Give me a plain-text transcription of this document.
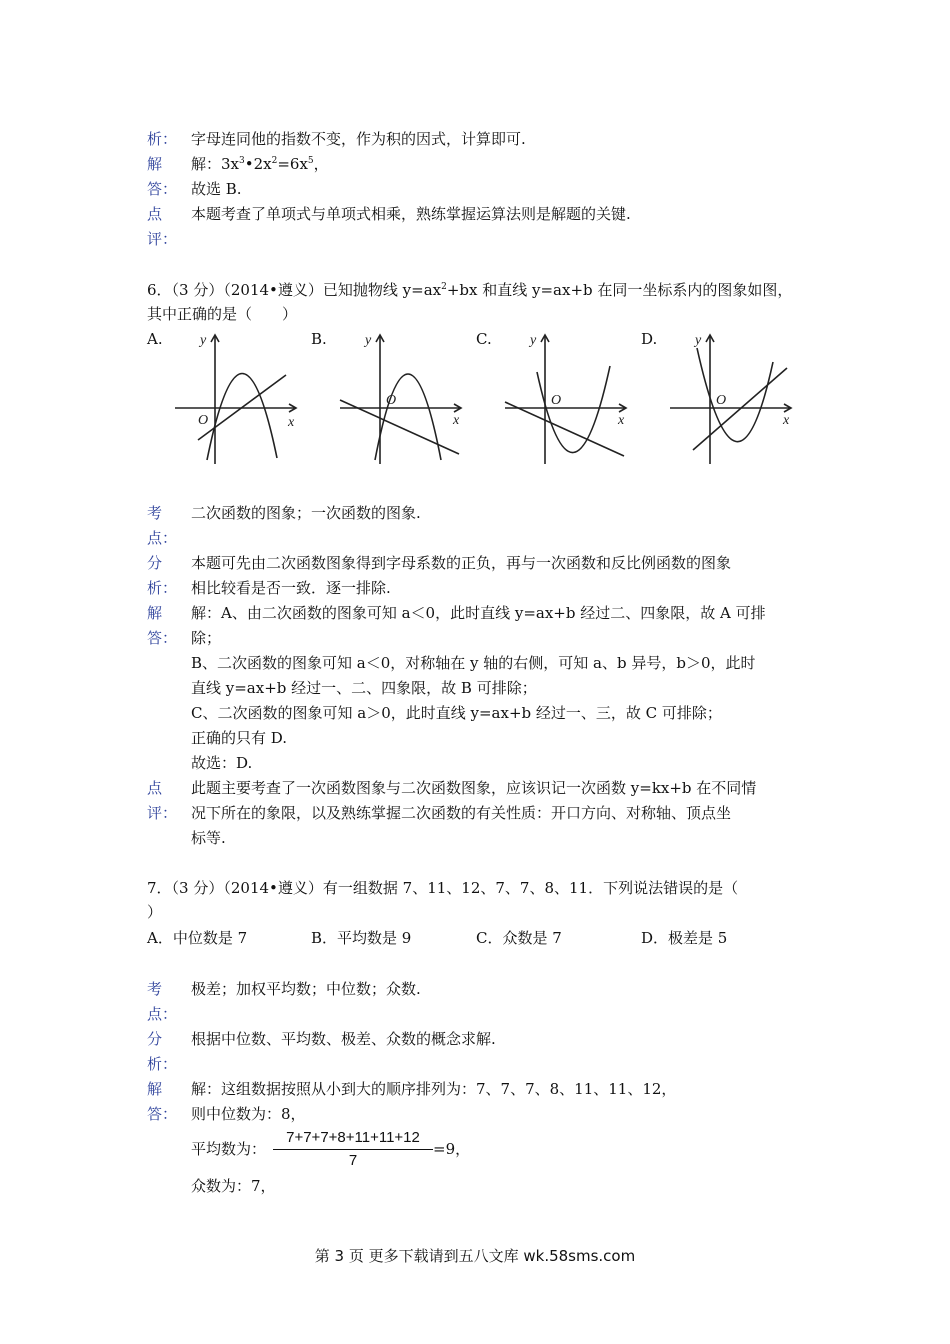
析： 字母连同他的指数不变，作为积的因式，计算即可.
解	解：$3x^3•2x^2=6x^5$，
答： 故选 B.
点	本题考查了单项式与单项式相乘，熟练掌握运算法则是解题的关键.
评：
6．（3 分）（2014•遵义）已知抛物线 $y=ax^2+bx$ 和直线 y=ax+b 在同一坐标系内的图象如图，
其中正确的是（　　）
A.	B.	C.	D.
y
O	x
y
O
x
y
O
x
y
O
x
考	二次函数的图象；一次函数的图象.
点：
分	本题可先由二次函数图象得到字母系数的正负，再与一次函数和反比例函数的图象
析： 相比较看是否一致．逐一排除.
解	解：A、由二次函数的图象可知 a＜0，此时直线 y=ax+b 经过二、四象限，故 A 可排
答： 除；
B、二次函数的图象可知 a＜0，对称轴在 y 轴的右侧，可知 a、b 异号，b＞0，此时
直线 y=ax+b 经过一、二、四象限，故 B 可排除；
C、二次函数的图象可知 a＞0，此时直线 y=ax+b 经过一、三，故 C 可排除；
正确的只有 D.
故选：D.
点	此题主要考查了一次函数图象与二次函数图象，应该识记一次函数 y=kx+b 在不同情
评： 况下所在的象限，以及熟练掌握二次函数的有关性质：开口方向、对称轴、顶点坐
标等.
7．（3 分）（2014•遵义）有一组数据 7、11、12、7、7、8、11．下列说法错误的是（
）
A．中位数是 7	B．平均数是 9	C．众数是 7	D．极差是 5
考	极差；加权平均数；中位数；众数.
点：
分	根据中位数、平均数、极差、众数的概念求解.
析：
解	解：这组数据按照从小到大的顺序排列为：7、7、7、8、11、11、12，
答： 则中位数为：8，
平均数为：
7+7+7+8+11+11+12
7
=9，
众数为：7，
第 3 页 更多下载请到五八文库 wk.58sms.com
